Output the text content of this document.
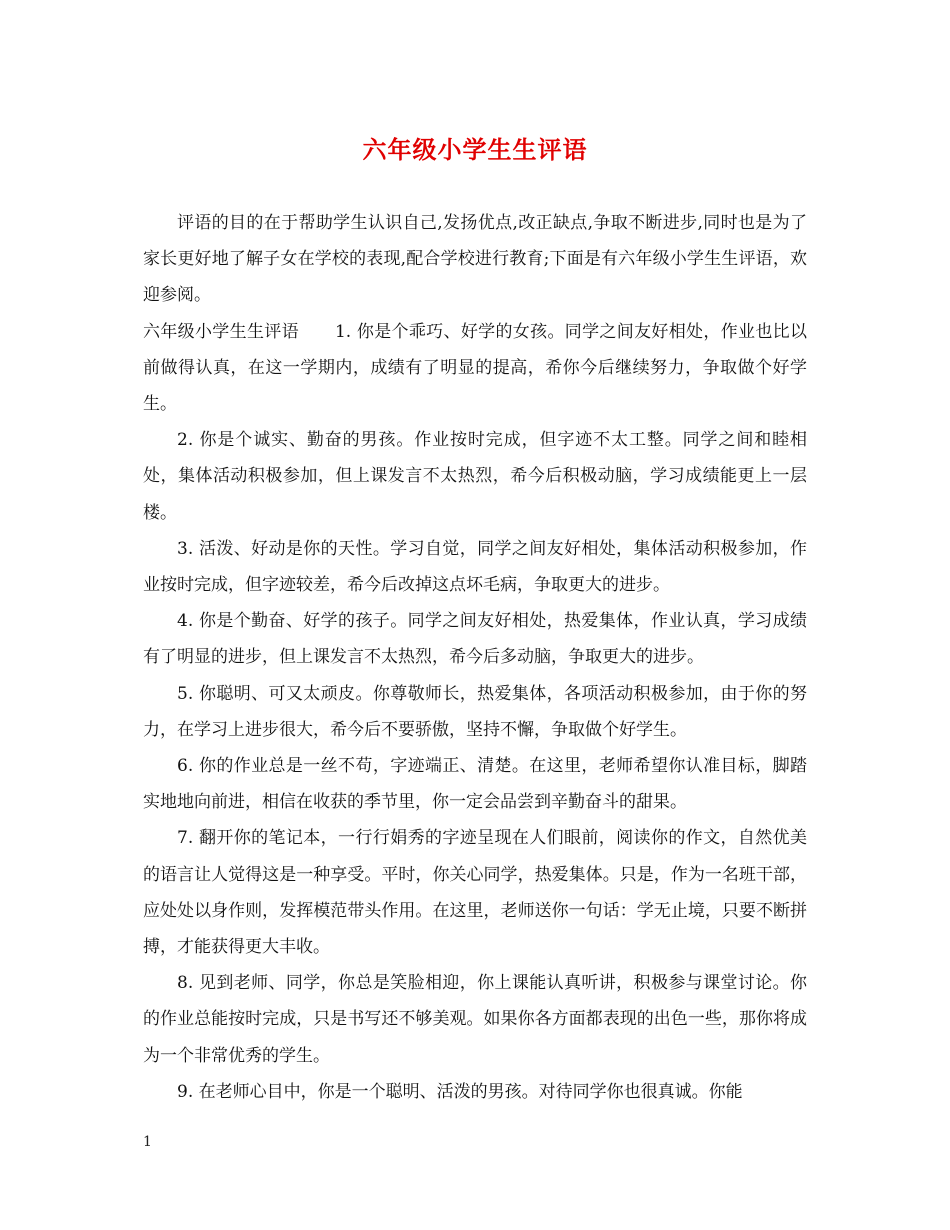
六年级小学生生评语

评语的目的在于帮助学生认识自己,发扬优点,改正缺点,争取不断进步,同时也是为了家长更好地了解子女在学校的表现,配合学校进行教育;下面是有六年级小学生生评语，欢迎参阅。

六年级小学生生评语 1. 你是个乖巧、好学的女孩。同学之间友好相处，作业也比以前做得认真，在这一学期内，成绩有了明显的提高，希你今后继续努力，争取做个好学生。

2. 你是个诚实、勤奋的男孩。作业按时完成，但字迹不太工整。同学之间和睦相处，集体活动积极参加，但上课发言不太热烈，希今后积极动脑，学习成绩能更上一层楼。

3. 活泼、好动是你的天性。学习自觉，同学之间友好相处，集体活动积极参加，作业按时完成，但字迹较差，希今后改掉这点坏毛病，争取更大的进步。

4. 你是个勤奋、好学的孩子。同学之间友好相处，热爱集体，作业认真，学习成绩有了明显的进步，但上课发言不太热烈，希今后多动脑，争取更大的进步。

5. 你聪明、可又太顽皮。你尊敬师长，热爱集体，各项活动积极参加，由于你的努力，在学习上进步很大，希今后不要骄傲，坚持不懈，争取做个好学生。

6. 你的作业总是一丝不苟，字迹端正、清楚。在这里，老师希望你认准目标，脚踏实地地向前进，相信在收获的季节里，你一定会品尝到辛勤奋斗的甜果。

7. 翻开你的笔记本，一行行娟秀的字迹呈现在人们眼前，阅读你的作文，自然优美的语言让人觉得这是一种享受。平时，你关心同学，热爱集体。只是，作为一名班干部，应处处以身作则，发挥模范带头作用。在这里，老师送你一句话：学无止境，只要不断拼搏，才能获得更大丰收。

8. 见到老师、同学，你总是笑脸相迎，你上课能认真听讲，积极参与课堂讨论。你的作业总能按时完成，只是书写还不够美观。如果你各方面都表现的出色一些，那你将成为一个非常优秀的学生。

9. 在老师心目中，你是一个聪明、活泼的男孩。对待同学你也很真诚。你能

1
